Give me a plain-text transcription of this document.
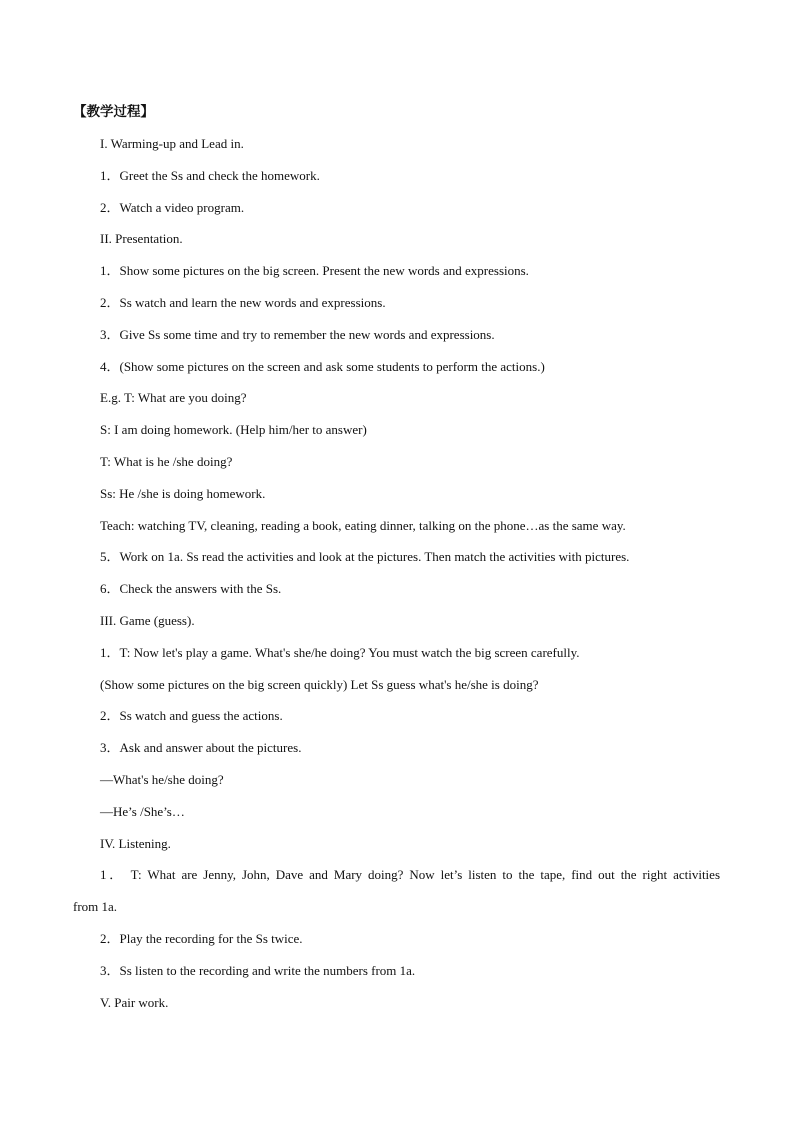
【教学过程】
I. Warming-up and Lead in.
1．Greet the Ss and check the homework.
2．Watch a video program.
II. Presentation.
1．Show some pictures on the big screen. Present the new words and expressions.
2．Ss watch and learn the new words and expressions.
3．Give Ss some time and try to remember the new words and expressions.
4．(Show some pictures on the screen and ask some students to perform the actions.)
E.g. T: What are you doing?
S: I am doing homework. (Help him/her to answer)
T: What is he /she doing?
Ss: He /she is doing homework.
Teach: watching TV, cleaning, reading a book, eating dinner, talking on the phone…as the same way.
5．Work on 1a. Ss read the activities and look at the pictures. Then match the activities with pictures.
6．Check the answers with the Ss.
III. Game (guess).
1．T: Now let's play a game. What's she/he doing? You must watch the big screen carefully.
(Show some pictures on the big screen quickly) Let Ss guess what's he/she is doing?
2．Ss watch and guess the actions.
3．Ask and answer about the pictures.
—What's he/she doing?
—He’s /She’s…
IV. Listening.
1． T: What are Jenny, John, Dave and Mary doing? Now let’s listen to the tape, find out the right activities
from 1a.
2．Play the recording for the Ss twice.
3．Ss listen to the recording and write the numbers from 1a.
V. Pair work.
